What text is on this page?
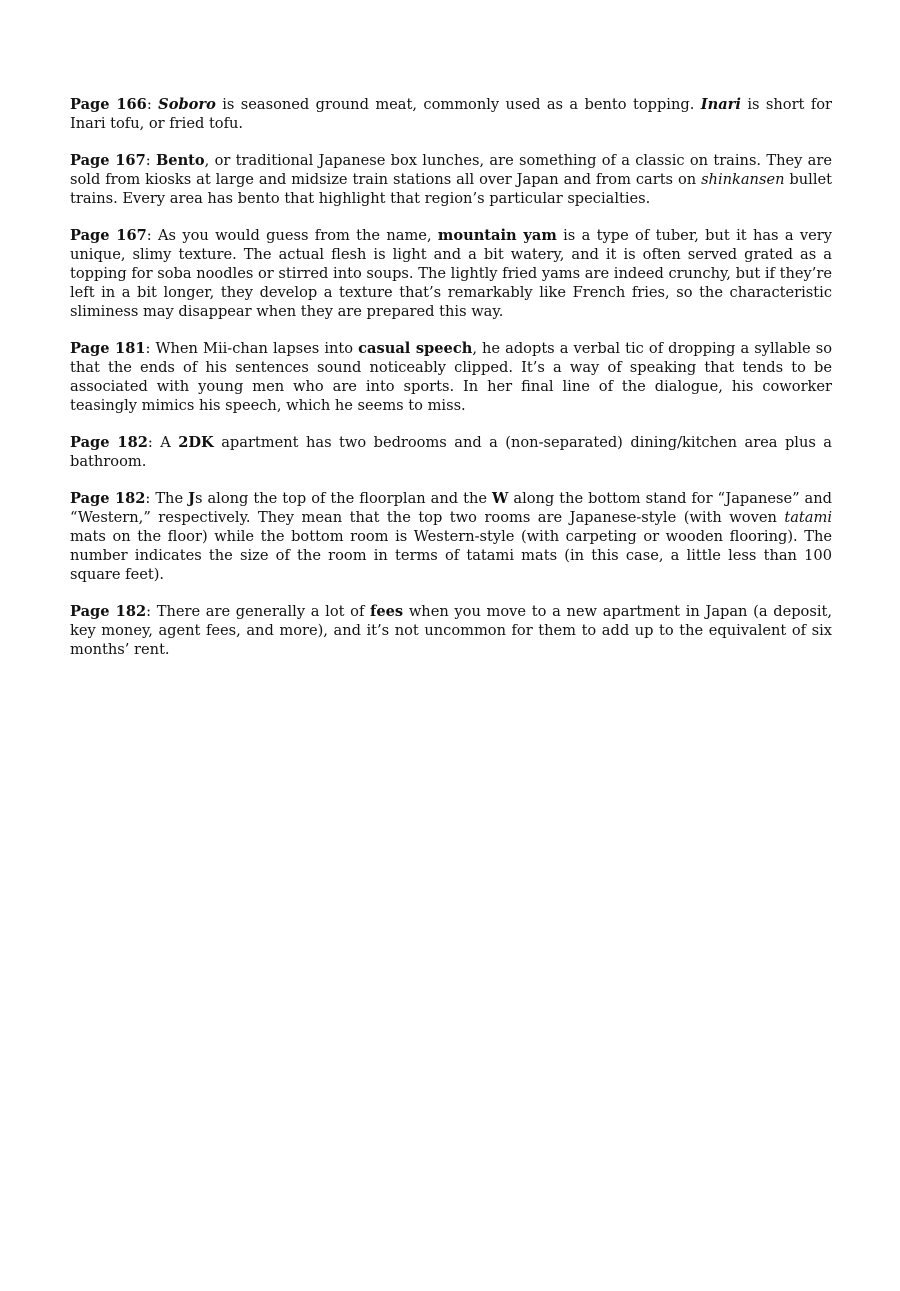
Page 166: Soboro is seasoned ground meat, commonly used as a bento topping. Inari is short for Inari tofu, or fried tofu.

Page 167: Bento, or traditional Japanese box lunches, are something of a classic on trains. They are sold from kiosks at large and midsize train stations all over Japan and from carts on shinkansen bullet trains. Every area has bento that highlight that region’s particular specialties.

Page 167: As you would guess from the name, mountain yam is a type of tuber, but it has a very unique, slimy texture. The actual flesh is light and a bit watery, and it is often served grated as a topping for soba noodles or stirred into soups. The lightly fried yams are indeed crunchy, but if they’re left in a bit longer, they develop a texture that’s remarkably like French fries, so the characteristic sliminess may disappear when they are prepared this way.

Page 181: When Mii-chan lapses into casual speech, he adopts a verbal tic of dropping a syllable so that the ends of his sentences sound noticeably clipped. It’s a way of speaking that tends to be associated with young men who are into sports. In her final line of the dialogue, his coworker teasingly mimics his speech, which he seems to miss.

Page 182: A 2DK apartment has two bedrooms and a (non-separated) dining/kitchen area plus a bathroom.

Page 182: The Js along the top of the floorplan and the W along the bottom stand for “Japanese” and “Western,” respectively. They mean that the top two rooms are Japanese-style (with woven tatami mats on the floor) while the bottom room is Western-style (with carpeting or wooden flooring). The number indicates the size of the room in terms of tatami mats (in this case, a little less than 100 square feet).

Page 182: There are generally a lot of fees when you move to a new apartment in Japan (a deposit, key money, agent fees, and more), and it’s not uncommon for them to add up to the equivalent of six months’ rent.
